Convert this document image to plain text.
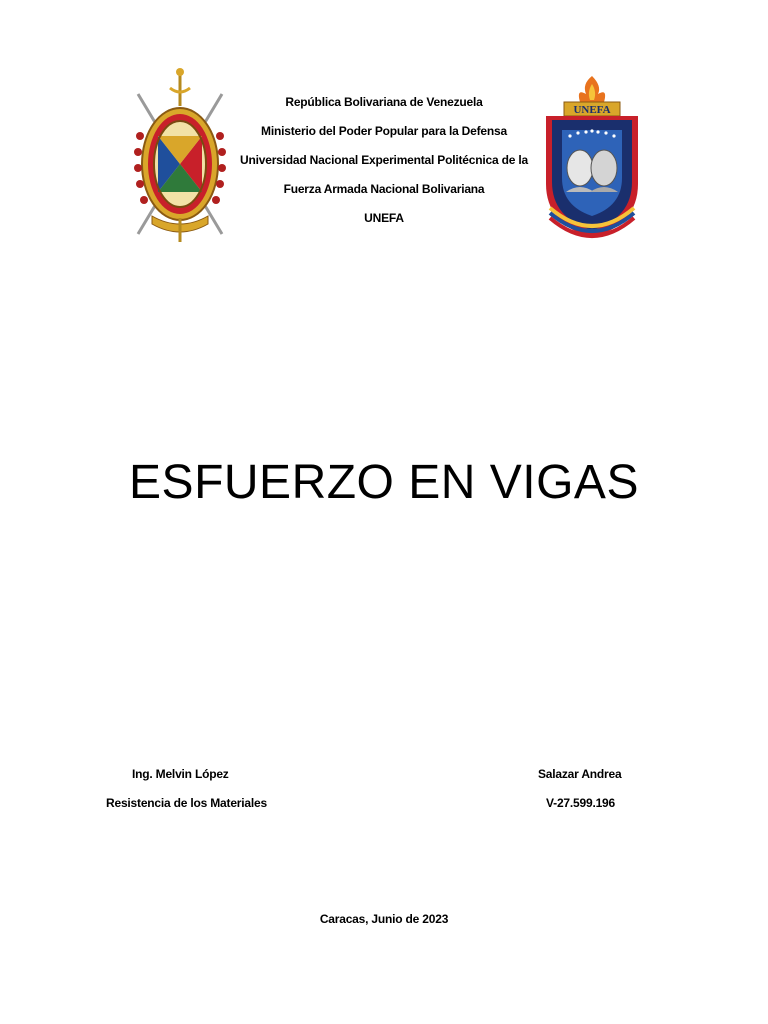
República Bolivariana de Venezuela
Ministerio del Poder Popular para la Defensa
Universidad Nacional Experimental Politécnica de la
Fuerza Armada Nacional Bolivariana
UNEFA
UNEFA
ESFUERZO EN VIGAS
Ing. Melvin López
Resistencia de los Materiales
Salazar Andrea
V-27.599.196
Caracas, Junio de 2023
